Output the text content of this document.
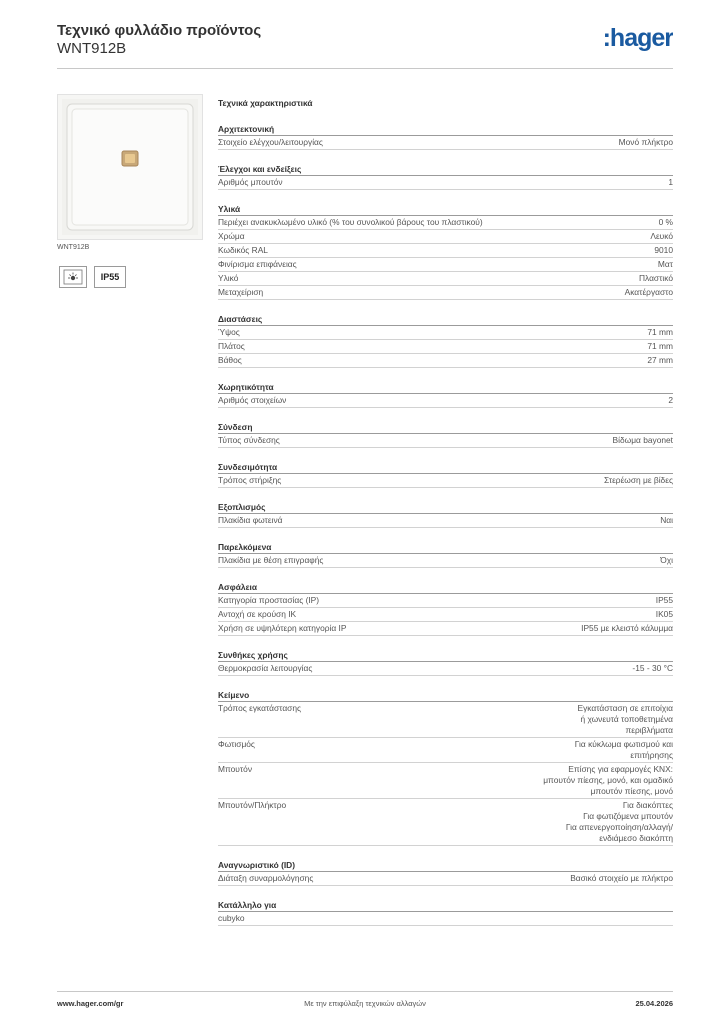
Τεχνικό φυλλάδιο προϊόντος
WNT912B	:hager
WNT912B
IP55
Τεχνικά χαρακτηριστικά
Αρχιτεκτονική
Στοιχείο ελέγχου/λειτουργίας	Μονό πλήκτρο
Έλεγχοι και ενδείξεις
Αριθμός μπουτόν	1
Υλικά
Περιέχει ανακυκλωμένο υλικό (% του συνολικού βάρους του πλαστικού)	0 %
Χρώμα	Λευκό
Κωδικός RAL	9010
Φινίρισμα επιφάνειας	Ματ
Υλικό	Πλαστικό
Μεταχείριση	Ακατέργαστο
Διαστάσεις
Ύψος	71 mm
Πλάτος	71 mm
Βάθος	27 mm
Χωρητικότητα
Αριθμός στοιχείων	2
Σύνδεση
Τύπος σύνδεσης	Βίδωμα bayonet
Συνδεσιμότητα
Τρόπος στήριξης	Στερέωση με βίδες
Εξοπλισμός
Πλακίδια φωτεινά	Ναι
Παρελκόμενα
Πλακίδια με θέση επιγραφής	Όχι
Ασφάλεια
Κατηγορία προστασίας (IP)	IP55
Αντοχή σε κρούση IK	IK05
Χρήση σε υψηλότερη κατηγορία IP	IP55 με κλειστό κάλυμμα
Συνθήκες χρήσης
Θερμοκρασία λειτουργίας	-15 - 30 °C
Κείμενο
Τρόπος εγκατάστασης	Εγκατάσταση σε επιτοίχια
ή χωνευτά τοποθετημένα
περιβλήματα
Φωτισμός	Για κύκλωμα φωτισμού και
επιτήρησης
Μπουτόν	Επίσης για εφαρμογές KNX:
μπουτόν πίεσης, μονό, και ομαδικό
μπουτόν πίεσης, μονό
Μπουτόν/Πλήκτρο	Για διακόπτες
Για φωτιζόμενα μπουτόν
Για απενεργοποίηση/αλλαγή/
ενδιάμεσο διακόπτη
Αναγνωριστικό (ID)
Διάταξη συναρμολόγησης	Βασικό στοιχείο με πλήκτρο
Κατάλληλο για
cubyko
www.hager.com/gr	Με την επιφύλαξη τεχνικών αλλαγών	25.04.2026
